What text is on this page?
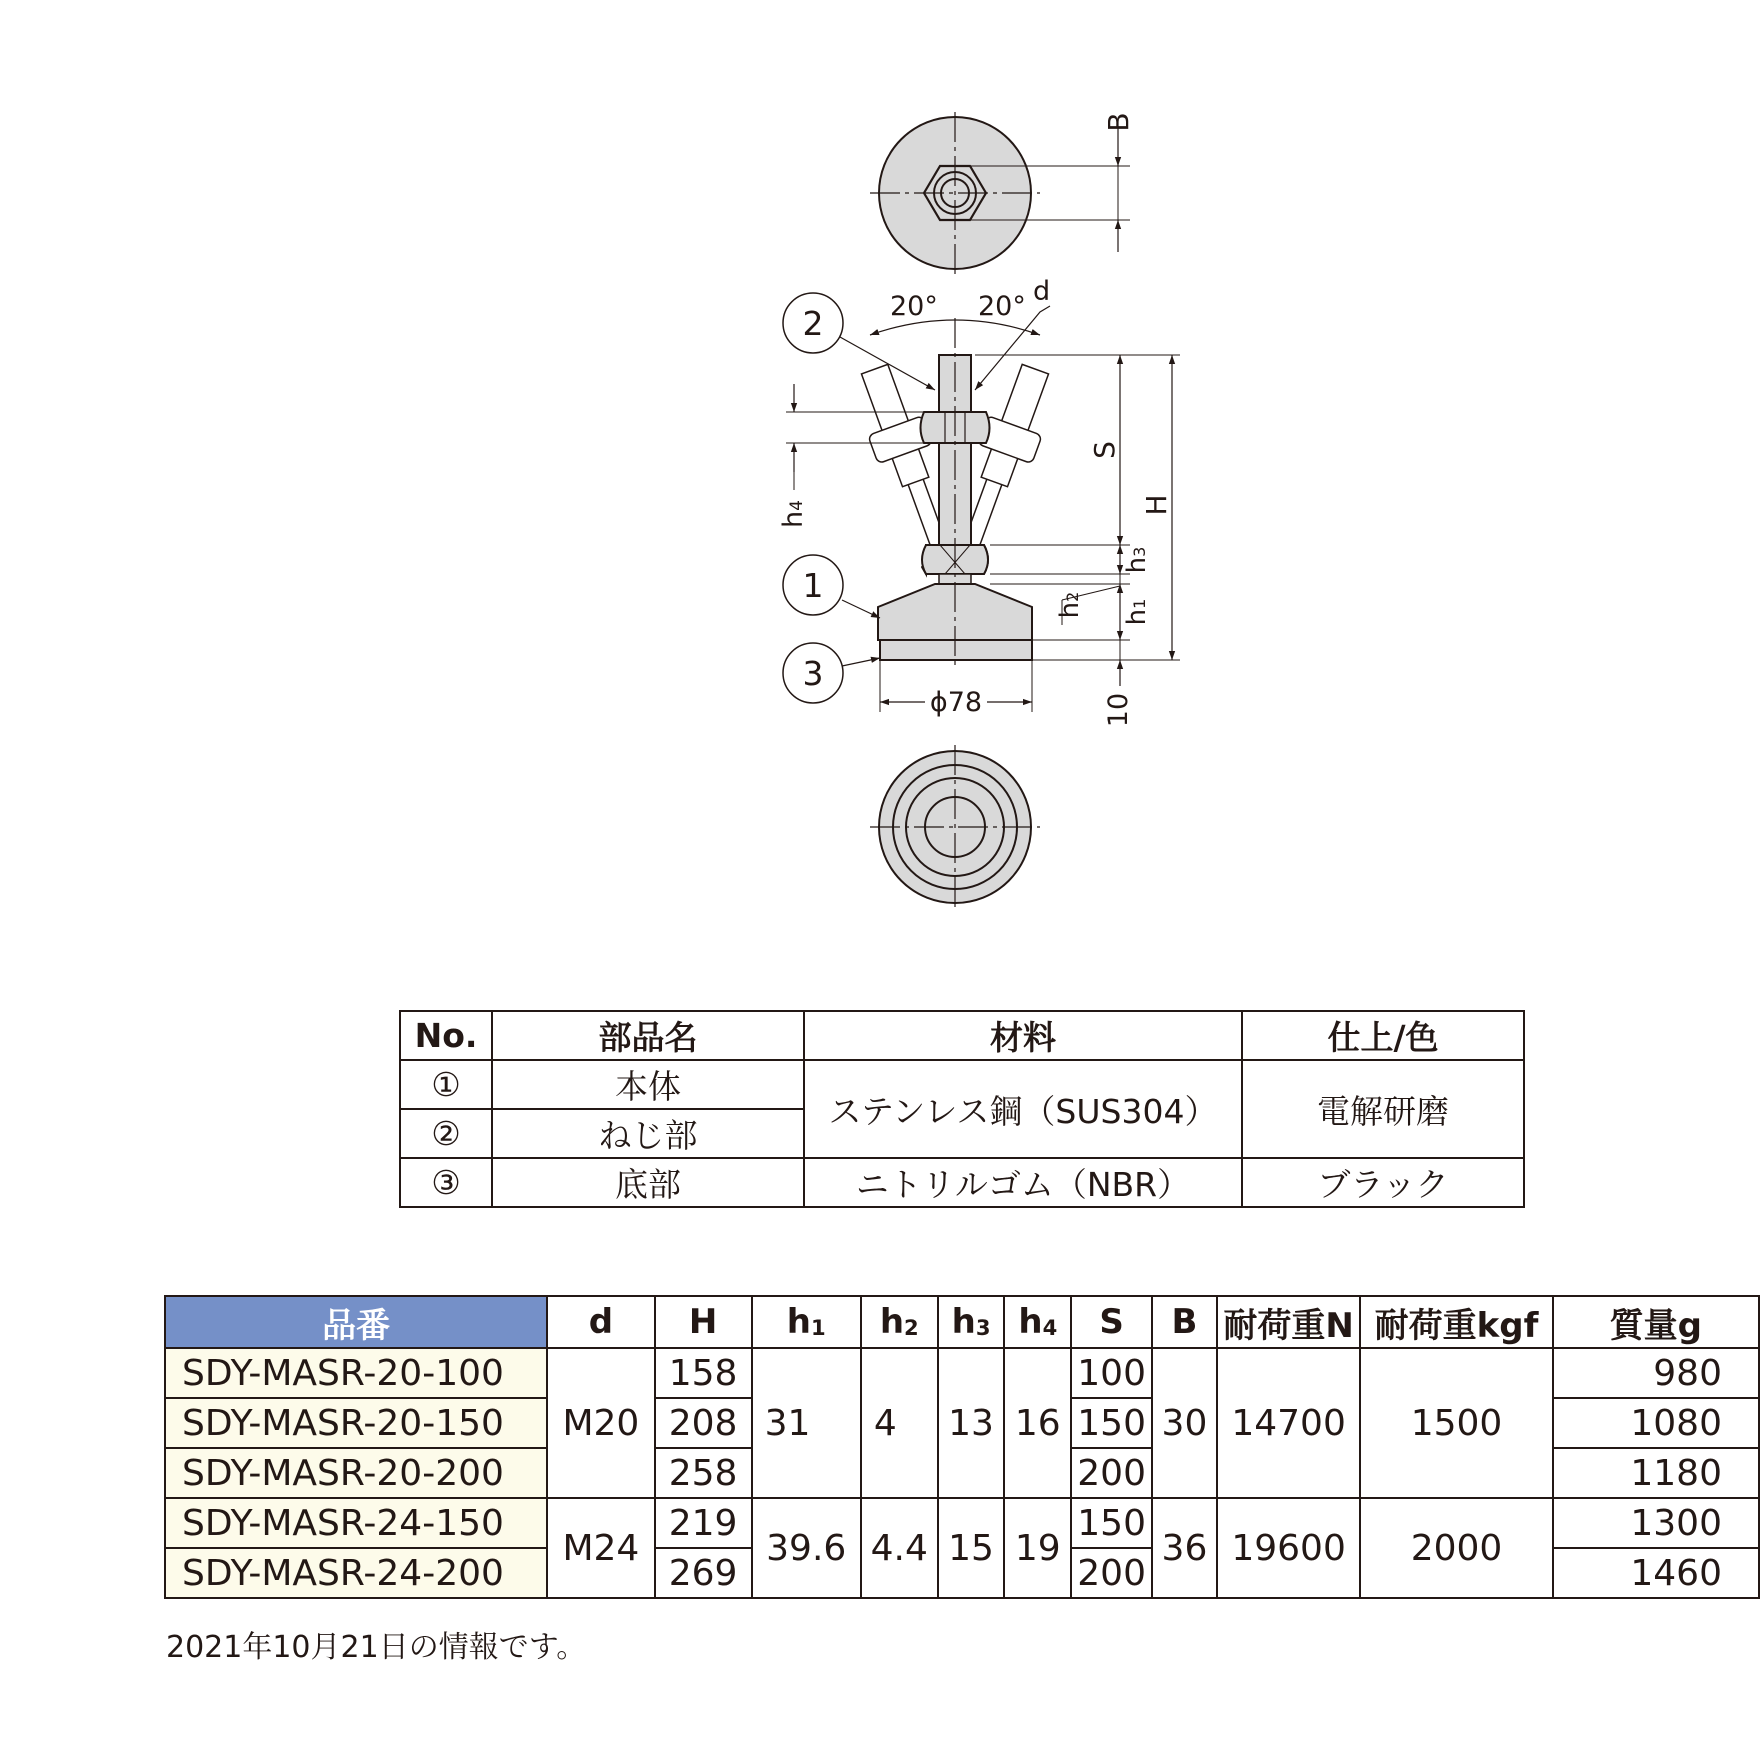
B
20° 20° d
2
1
3
h4
S
H
h3
h2
h1
10
ϕ78
No.	部品名	材料	仕上/色
①	本体	ステンレス鋼（SUS304）	電解研磨
②	ねじ部		
③	底部	ニトリルゴム（NBR）	ブラック
品番	d	H	$h_1$	$h_2$	$h_3$	$h_4$	S	B	耐荷重N	耐荷重kgf	質量g
SDY-MASR-20-100	M20	158	31	4	13	16	100	30	14700	1500	980
SDY-MASR-20-150		208					150				1080
SDY-MASR-20-200		258					200				1180
SDY-MASR-24-150	M24	219	39.6	4.4	15	19	150	36	19600	2000	1300
SDY-MASR-24-200		269					200				1460
2021年10月21日の情報です。
